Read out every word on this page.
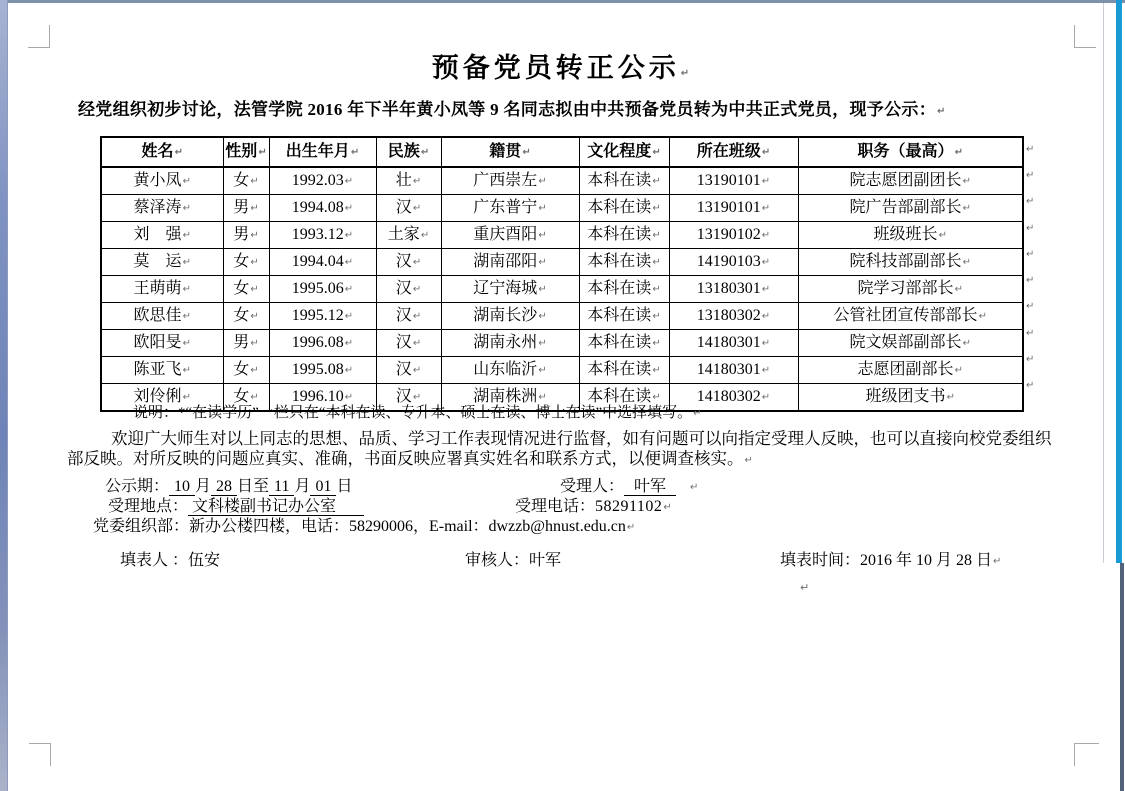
预备党员转正公示↵
经党组织初步讨论，法管学院 2016 年下半年黄小凤等 9 名同志拟由中共预备党员转为中共正式党员，现予公示：↵
姓名↵	性别↵	出生年月↵	民族↵	籍贯↵	文化程度↵	所在班级↵	职务（最高）↵
黄小凤↵	女↵	1992.03↵	壮↵	广西崇左↵	本科在读↵	13190101↵	院志愿团副团长↵
蔡泽涛↵	男↵	1994.08↵	汉↵	广东普宁↵	本科在读↵	13190101↵	院广告部副部长↵
刘　强↵	男↵	1993.12↵	土家↵	重庆酉阳↵	本科在读↵	13190102↵	班级班长↵
莫　运↵	女↵	1994.04↵	汉↵	湖南邵阳↵	本科在读↵	14190103↵	院科技部副部长↵
王萌萌↵	女↵	1995.06↵	汉↵	辽宁海城↵	本科在读↵	13180301↵	院学习部部长↵
欧思佳↵	女↵	1995.12↵	汉↵	湖南长沙↵	本科在读↵	13180302↵	公管社团宣传部部长↵
欧阳旻↵	男↵	1996.08↵	汉↵	湖南永州↵	本科在读↵	14180301↵	院文娱部副部长↵
陈亚飞↵	女↵	1995.08↵	汉↵	山东临沂↵	本科在读↵	14180301↵	志愿团副部长↵
刘伶俐↵	女↵	1996.10↵	汉↵	湖南株洲↵	本科在读↵	14180302↵	班级团支书↵
↵
↵
↵
↵
↵
↵
↵
↵
↵
↵
说明：*“在读学历”一栏只在“本科在读、专升本、硕士在读、博士在读”中选择填写。↵
欢迎广大师生对以上同志的思想、品质、学习工作表现情况进行监督，如有问题可以向指定受理人反映，也可以直接向校党委组织部反映。对所反映的问题应真实、准确，书面反映应署真实姓名和联系方式，以便调查核实。↵
公示期： 10 月 28 日至 11 月 01 日	受理人： 叶军 ↵
受理地点： 文科楼副书记办公室	受理电话：58291102↵
党委组织部：新办公楼四楼，电话：58290006，E-mail：dwzzb@hnust.edu.cn↵
填表人 ：伍安	审核人：叶军	填表时间：2016 年 10 月 28 日↵
↵
